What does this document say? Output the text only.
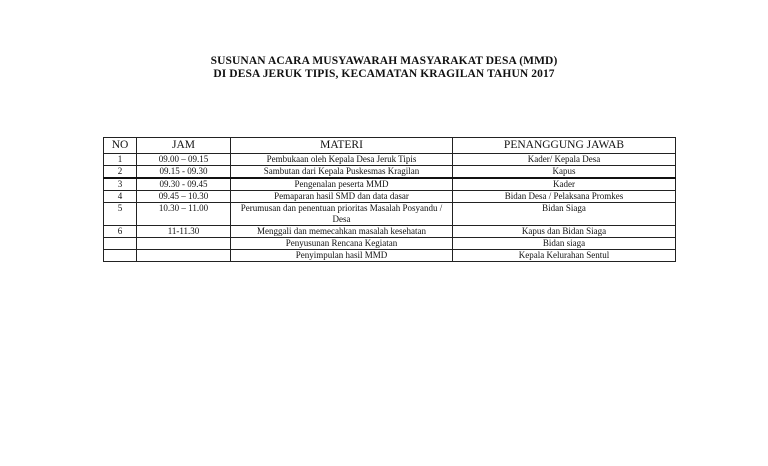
SUSUNAN ACARA MUSYAWARAH MASYARAKAT DESA (MMD)
DI DESA JERUK TIPIS, KECAMATAN KRAGILAN TAHUN 2017
NO	JAM	MATERI	PENANGGUNG JAWAB
1	09.00 – 09.15	Pembukaan oleh Kepala Desa Jeruk Tipis	Kader/ Kepala Desa
2	09.15 - 09.30	Sambutan dari Kepala Puskesmas Kragilan	Kapus
3	09.30 - 09.45	Pengenalan peserta MMD	Kader
4	09.45 – 10.30	Pemaparan hasil SMD dan data dasar	Bidan Desa / Pelaksana Promkes
5	10.30 – 11.00	Perumusan dan penentuan prioritas Masalah Posyandu / Desa	Bidan Siaga
6	11-11.30	Menggali dan memecahkan masalah kesehatan	Kapus dan Bidan Siaga
		Penyusunan Rencana Kegiatan	Bidan siaga
		Penyimpulan hasil MMD	Kepala Kelurahan Sentul
